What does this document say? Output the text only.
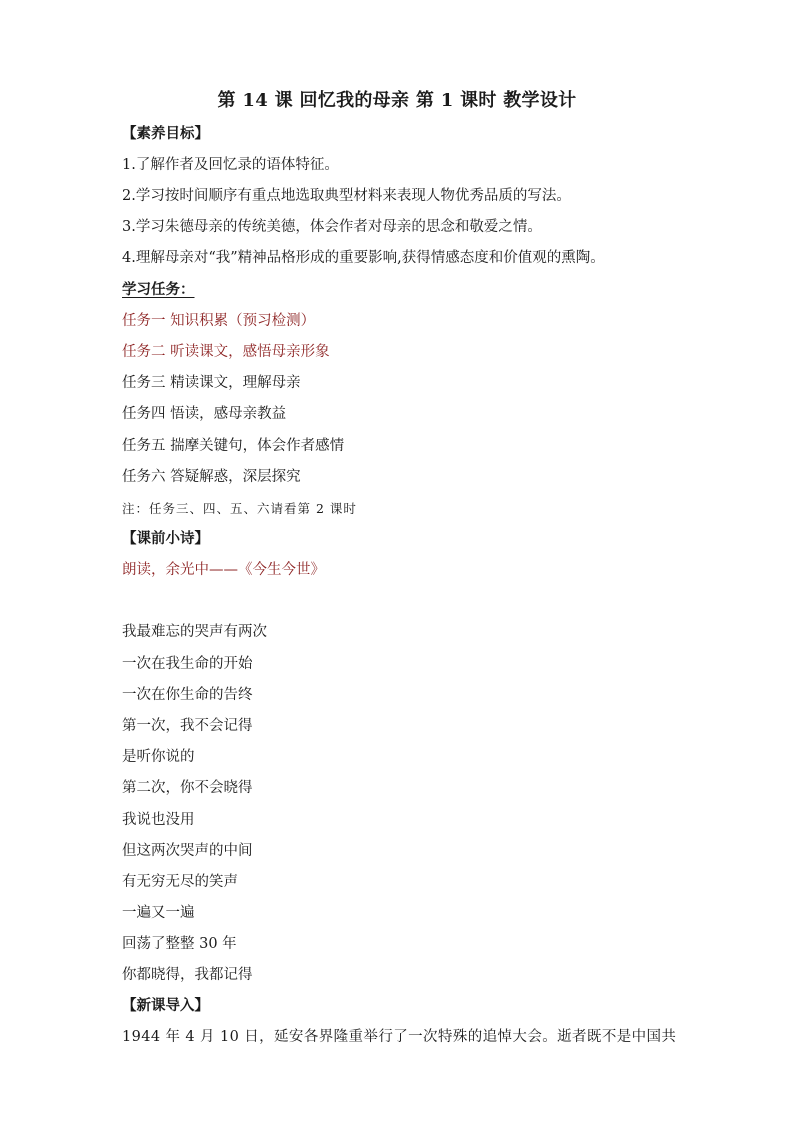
第 14 课 回忆我的母亲 第 1 课时 教学设计
【素养目标】
1.了解作者及回忆录的语体特征。
2.学习按时间顺序有重点地选取典型材料来表现人物优秀品质的写法。
3.学习朱德母亲的传统美德，体会作者对母亲的思念和敬爱之情。
4.理解母亲对“我”精神品格形成的重要影响,获得情感态度和价值观的熏陶。
学习任务：
任务一 知识积累（预习检测）
任务二 听读课文，感悟母亲形象
任务三 精读课文，理解母亲
任务四 悟读，感母亲教益
任务五 揣摩关键句，体会作者感情
任务六 答疑解惑，深层探究
注：任务三、四、五、六请看第 2 课时
【课前小诗】
朗读，余光中——《今生今世》
我最难忘的哭声有两次
一次在我生命的开始
一次在你生命的告终
第一次，我不会记得
是听你说的
第二次，你不会晓得
我说也没用
但这两次哭声的中间
有无穷无尽的笑声
一遍又一遍
回荡了整整 30 年
你都晓得，我都记得
【新课导入】
1944 年 4 月 10 日，延安各界隆重举行了一次特殊的追悼大会。逝者既不是中国共
